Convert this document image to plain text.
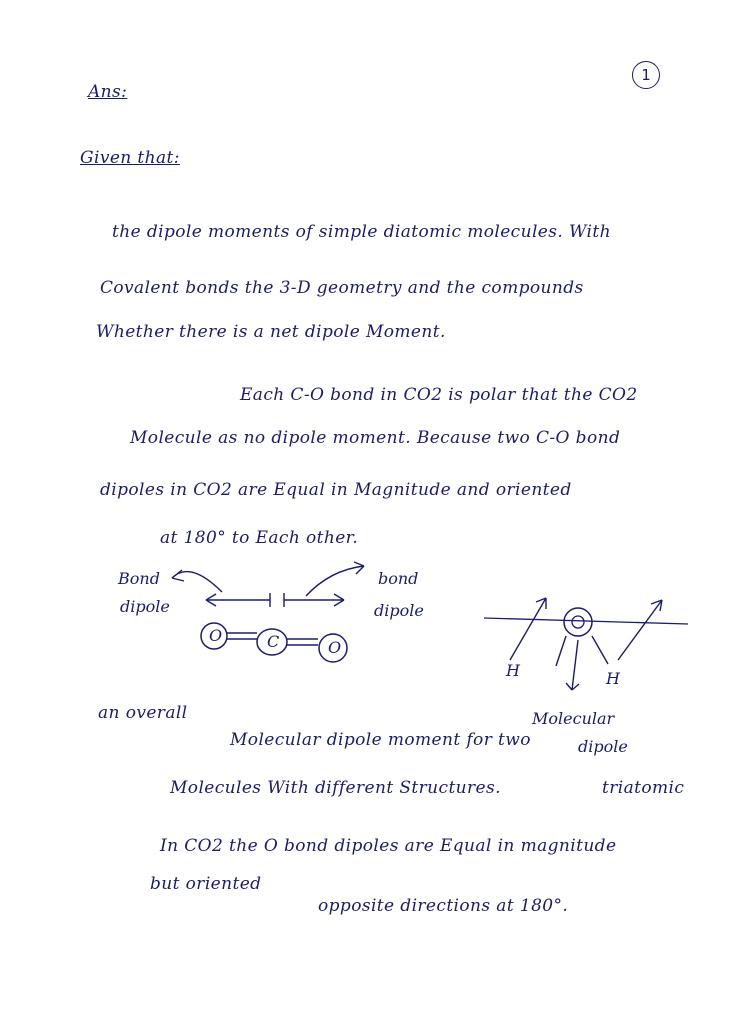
1
Ans:
Given that:
the dipole moments of simple diatomic molecules. With
Covalent bonds the 3-D geometry and the compounds
Whether there is a net dipole Moment.
Each C-O bond in CO2 is polar that the CO2
Molecule as no dipole moment. Because two C-O bond
dipoles in CO2 are Equal in Magnitude and oriented
at 180° to Each other.
Bond
dipole
bond
dipole
O	C	O
H	H
Molecular
dipole
an overall
Molecular dipole moment for two
Molecules With different Structures.	triatomic
In CO2 the O bond dipoles are Equal in magnitude
but oriented
opposite directions at 180°.
